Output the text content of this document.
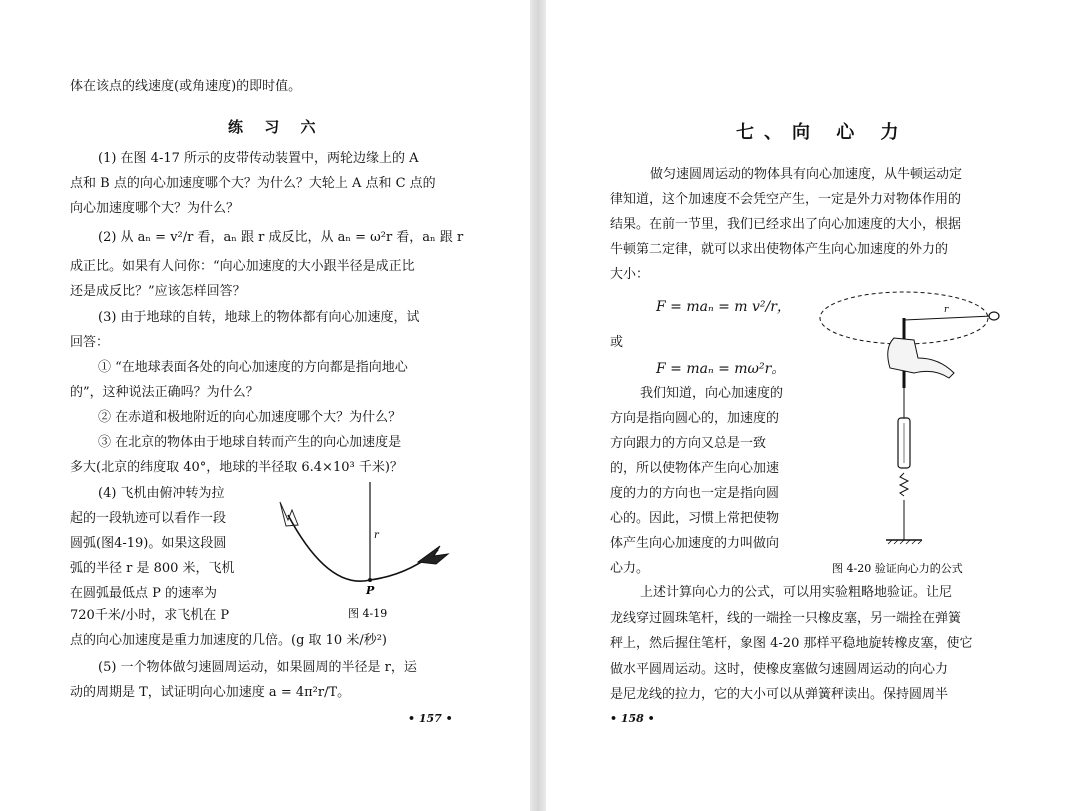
体在该点的线速度(或角速度)的即时值。
练 习 六
(1) 在图 4-17 所示的皮带传动装置中，两轮边缘上的 A
点和 B 点的向心加速度哪个大？为什么？大轮上 A 点和 C 点的
向心加速度哪个大？为什么？
(2) 从 aₙ = v²/r 看，aₙ 跟 r 成反比，从 aₙ = ω²r 看，aₙ 跟 r
成正比。如果有人问你：“向心加速度的大小跟半径是成正比
还是成反比？”应该怎样回答？
(3) 由于地球的自转，地球上的物体都有向心加速度，试
回答：
① “在地球表面各处的向心加速度的方向都是指向地心
的”，这种说法正确吗？为什么？
② 在赤道和极地附近的向心加速度哪个大？为什么？
③ 在北京的物体由于地球自转而产生的向心加速度是
多大(北京的纬度取 40°，地球的半径取 6.4×10³ 千米)？
(4) 飞机由俯冲转为拉
起的一段轨迹可以看作一段
圆弧(图4-19)。如果这段圆
弧的半径 r 是 800 米，飞机
在圆弧最低点 P 的速率为
720千米/小时，求飞机在 P
点的向心加速度是重力加速度的几倍。(g 取 10 米/秒²)
(5) 一个物体做匀速圆周运动，如果圆周的半径是 r，运
动的周期是 T，试证明向心加速度 a = 4π²r/T。
r
P
图 4-19
• 157 •
七、向 心 力
做匀速圆周运动的物体具有向心加速度，从牛顿运动定
律知道，这个加速度不会凭空产生，一定是外力对物体作用的
结果。在前一节里，我们已经求出了向心加速度的大小，根据
牛顿第二定律，就可以求出使物体产生向心加速度的外力的
大小：
F = maₙ = m v²/r，
或
F = maₙ = mω²r。
我们知道，向心加速度的
方向是指向圆心的，加速度的
方向跟力的方向又总是一致
的，所以使物体产生向心加速
度的力的方向也一定是指向圆
心的。因此，习惯上常把使物
体产生向心加速度的力叫做向
心力。
r
图 4-20 验证向心力的公式
上述计算向心力的公式，可以用实验粗略地验证。让尼
龙线穿过圆珠笔杆，线的一端拴一只橡皮塞，另一端拴在弹簧
秤上，然后握住笔杆，象图 4-20 那样平稳地旋转橡皮塞，使它
做水平圆周运动。这时，使橡皮塞做匀速圆周运动的向心力
是尼龙线的拉力，它的大小可以从弹簧秤读出。保持圆周半
• 158 •
